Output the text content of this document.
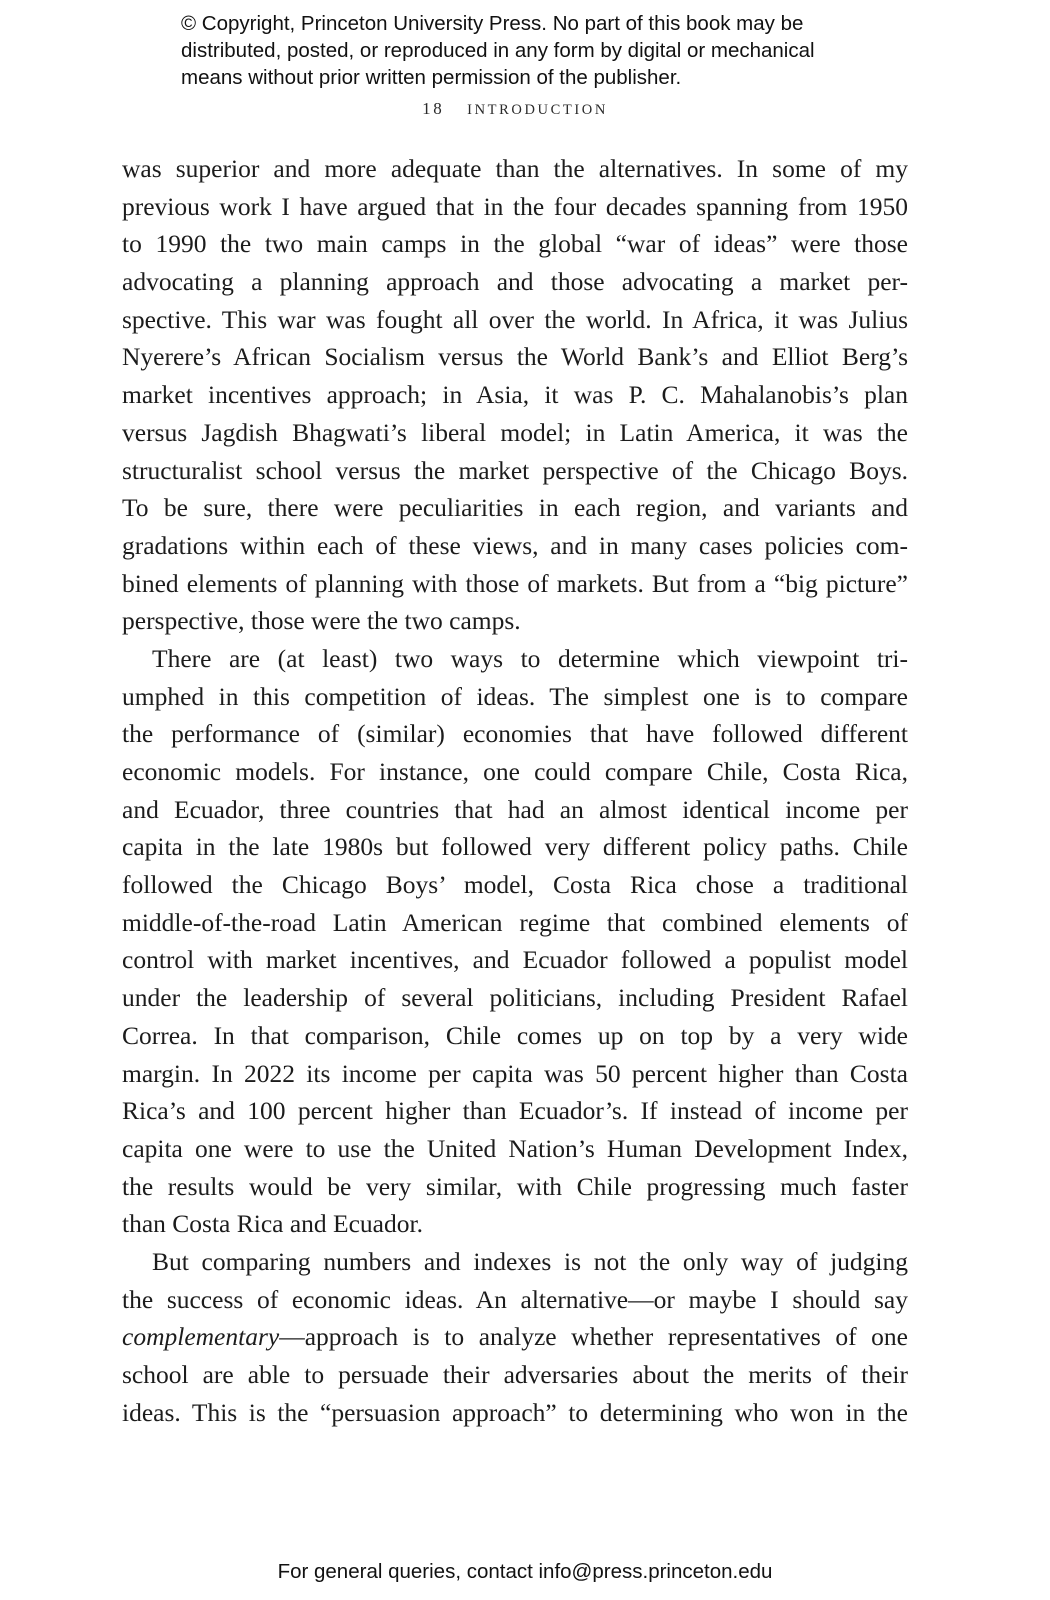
© Copyright, Princeton University Press. No part of this book may be
distributed, posted, or reproduced in any form by digital or mechanical
means without prior written permission of the publisher.
18 INTRODUCTION
was superior and more adequate than the alternatives. In some of my
previous work I have argued that in the four decades spanning from 1950
to 1990 the two main camps in the global “war of ideas” were those
advocating a planning approach and those advocating a market per-
spective. This war was fought all over the world. In Africa, it was Julius
Nyerere’s African Socialism versus the World Bank’s and Elliot Berg’s
market incentives approach; in Asia, it was P. C. Mahalanobis’s plan
versus Jagdish Bhagwati’s liberal model; in Latin America, it was the
structuralist school versus the market perspective of the Chicago Boys.
To be sure, there were peculiarities in each region, and variants and
gradations within each of these views, and in many cases policies com-
bined elements of planning with those of markets. But from a “big picture”
perspective, those were the two camps.
There are (at least) two ways to determine which viewpoint tri-
umphed in this competition of ideas. The simplest one is to compare
the performance of (similar) economies that have followed different
economic models. For instance, one could compare Chile, Costa Rica,
and Ecuador, three countries that had an almost identical income per
capita in the late 1980s but followed very different policy paths. Chile
followed the Chicago Boys’ model, Costa Rica chose a traditional
middle-of-the-road Latin American regime that combined elements of
control with market incentives, and Ecuador followed a populist model
under the leadership of several politicians, including President Rafael
Correa. In that comparison, Chile comes up on top by a very wide
margin. In 2022 its income per capita was 50 percent higher than Costa
Rica’s and 100 percent higher than Ecuador’s. If instead of income per
capita one were to use the United Nation’s Human Development Index,
the results would be very similar, with Chile progressing much faster
than Costa Rica and Ecuador.
But comparing numbers and indexes is not the only way of judging
the success of economic ideas. An alternative—or maybe I should say
complementary—approach is to analyze whether representatives of one
school are able to persuade their adversaries about the merits of their
ideas. This is the “persuasion approach” to determining who won in the
For general queries, contact info@press.princeton.edu
